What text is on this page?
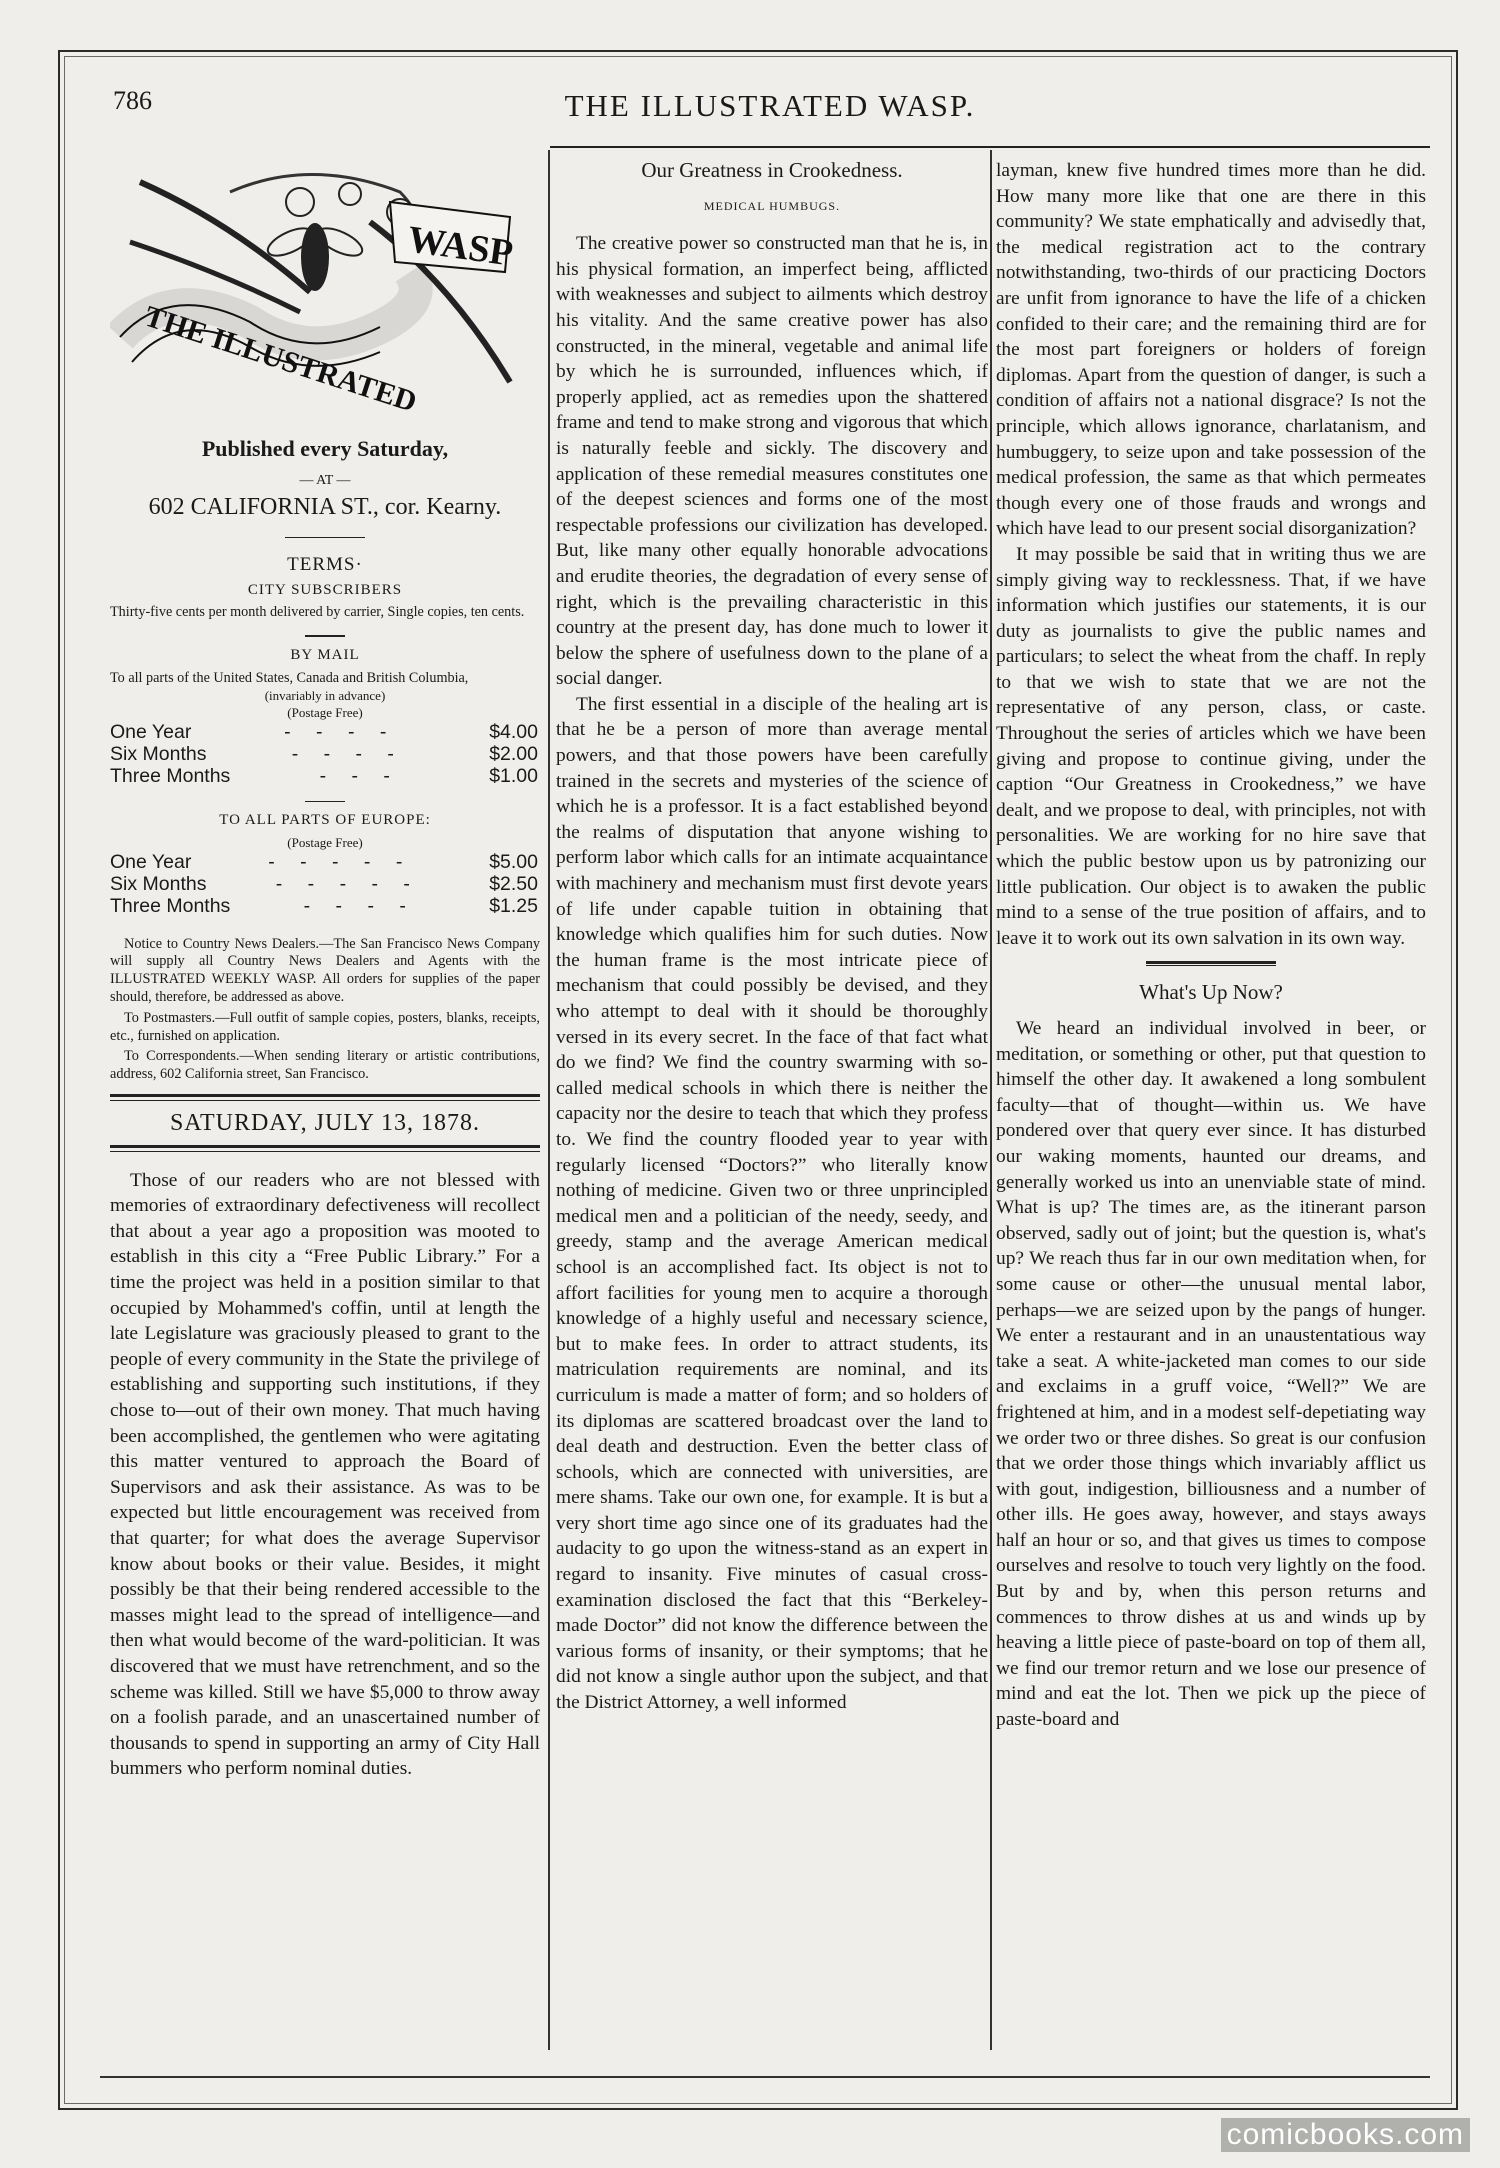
786	THE ILLUSTRATED WASP.
WASP
THE ILLUSTRATED
Published every Saturday,
— AT —
602 CALIFORNIA ST., cor. Kearny.
TERMS·
CITY SUBSCRIBERS
Thirty-five cents per month delivered by carrier, Single copies, ten cents.
BY MAIL
To all parts of the United States, Canada and British Columbia,
(invariably in advance)
(Postage Free)
One Year	- - - -	$4.00
Six Months	- - - -	$2.00
Three Months	- - -	$1.00
TO ALL PARTS OF EUROPE:
(Postage Free)
One Year	- - - - -	$5.00
Six Months	- - - - -	$2.50
Three Months	- - - -	$1.25
Notice to Country News Dealers.—The San Francisco News Company will supply all Country News Dealers and Agents with the ILLUSTRATED WEEKLY WASP. All orders for supplies of the paper should, therefore, be addressed as above.
To Postmasters.—Full outfit of sample copies, posters, blanks, receipts, etc., furnished on application.
To Correspondents.—When sending literary or artistic contributions, address, 602 California street, San Francisco.
SATURDAY, JULY 13, 1878.

Those of our readers who are not blessed with memories of extraordinary defectiveness will recollect that about a year ago a proposition was mooted to establish in this city a “Free Public Library.” For a time the project was held in a position similar to that occupied by Mohammed's coffin, until at length the late Legislature was graciously pleased to grant to the people of every community in the State the privilege of establishing and supporting such institutions, if they chose to—out of their own money. That much having been accomplished, the gentlemen who were agitating this matter ventured to approach the Board of Supervisors and ask their assistance. As was to be expected but little encouragement was received from that quarter; for what does the average Supervisor know about books or their value. Besides, it might possibly be that their being rendered accessible to the masses might lead to the spread of intelligence—and then what would become of the ward-politician. It was discovered that we must have retrenchment, and so the scheme was killed. Still we have $5,000 to throw away on a foolish parade, and an unascertained number of thousands to spend in supporting an army of City Hall bummers who perform nominal duties.

Our Greatness in Crookedness.
MEDICAL HUMBUGS.

The creative power so constructed man that he is, in his physical formation, an imperfect being, afflicted with weaknesses and subject to ailments which destroy his vitality. And the same creative power has also constructed, in the mineral, vegetable and animal life by which he is surrounded, influences which, if properly applied, act as remedies upon the shattered frame and tend to make strong and vigorous that which is naturally feeble and sickly. The discovery and application of these remedial measures constitutes one of the deepest sciences and forms one of the most respectable professions our civilization has developed. But, like many other equally honorable advocations and erudite theories, the degradation of every sense of right, which is the prevailing characteristic in this country at the present day, has done much to lower it below the sphere of usefulness down to the plane of a social danger.

The first essential in a disciple of the healing art is that he be a person of more than average mental powers, and that those powers have been carefully trained in the secrets and mysteries of the science of which he is a professor. It is a fact established beyond the realms of disputation that anyone wishing to perform labor which calls for an intimate acquaintance with machinery and mechanism must first devote years of life under capable tuition in obtaining that knowledge which qualifies him for such duties. Now the human frame is the most intricate piece of mechanism that could possibly be devised, and they who attempt to deal with it should be thoroughly versed in its every secret. In the face of that fact what do we find? We find the country swarming with so-called medical schools in which there is neither the capacity nor the desire to teach that which they profess to. We find the country flooded year to year with regularly licensed “Doctors?” who literally know nothing of medicine. Given two or three unprincipled medical men and a politician of the needy, seedy, and greedy, stamp and the average American medical school is an accomplished fact. Its object is not to affort facilities for young men to acquire a thorough knowledge of a highly useful and necessary science, but to make fees. In order to attract students, its matriculation requirements are nominal, and its curriculum is made a matter of form; and so holders of its diplomas are scattered broadcast over the land to deal death and destruction. Even the better class of schools, which are connected with universities, are mere shams. Take our own one, for example. It is but a very short time ago since one of its graduates had the audacity to go upon the witness-stand as an expert in regard to insanity. Five minutes of casual cross-examination disclosed the fact that this “Berkeley-made Doctor” did not know the difference between the various forms of insanity, or their symptoms; that he did not know a single author upon the subject, and that the District Attorney, a well informed

layman, knew five hundred times more than he did. How many more like that one are there in this community? We state emphatically and advisedly that, the medical registration act to the contrary notwithstanding, two-thirds of our practicing Doctors are unfit from ignorance to have the life of a chicken confided to their care; and the remaining third are for the most part foreigners or holders of foreign diplomas. Apart from the question of danger, is such a condition of affairs not a national disgrace? Is not the principle, which allows ignorance, charlatanism, and humbuggery, to seize upon and take possession of the medical profession, the same as that which permeates though every one of those frauds and wrongs and which have lead to our present social disorganization?

It may possible be said that in writing thus we are simply giving way to recklessness. That, if we have information which justifies our statements, it is our duty as journalists to give the public names and particulars; to select the wheat from the chaff. In reply to that we wish to state that we are not the representative of any person, class, or caste. Throughout the series of articles which we have been giving and propose to continue giving, under the caption “Our Greatness in Crookedness,” we have dealt, and we propose to deal, with principles, not with personalities. We are working for no hire save that which the public bestow upon us by patronizing our little publication. Our object is to awaken the public mind to a sense of the true position of affairs, and to leave it to work out its own salvation in its own way.

What's Up Now?

We heard an individual involved in beer, or meditation, or something or other, put that question to himself the other day. It awakened a long sombulent faculty—that of thought—within us. We have pondered over that query ever since. It has disturbed our waking moments, haunted our dreams, and generally worked us into an unenviable state of mind. What is up? The times are, as the itinerant parson observed, sadly out of joint; but the question is, what's up? We reach thus far in our own meditation when, for some cause or other—the unusual mental labor, perhaps—we are seized upon by the pangs of hunger. We enter a restaurant and in an unaustentatious way take a seat. A white-jacketed man comes to our side and exclaims in a gruff voice, “Well?” We are frightened at him, and in a modest self-depetiating way we order two or three dishes. So great is our confusion that we order those things which invariably afflict us with gout, indigestion, billiousness and a number of other ills. He goes away, however, and stays aways half an hour or so, and that gives us times to compose ourselves and resolve to touch very lightly on the food. But by and by, when this person returns and commences to throw dishes at us and winds up by heaving a little piece of paste-board on top of them all, we find our tremor return and we lose our presence of mind and eat the lot. Then we pick up the piece of paste-board and

comicbooks.com
